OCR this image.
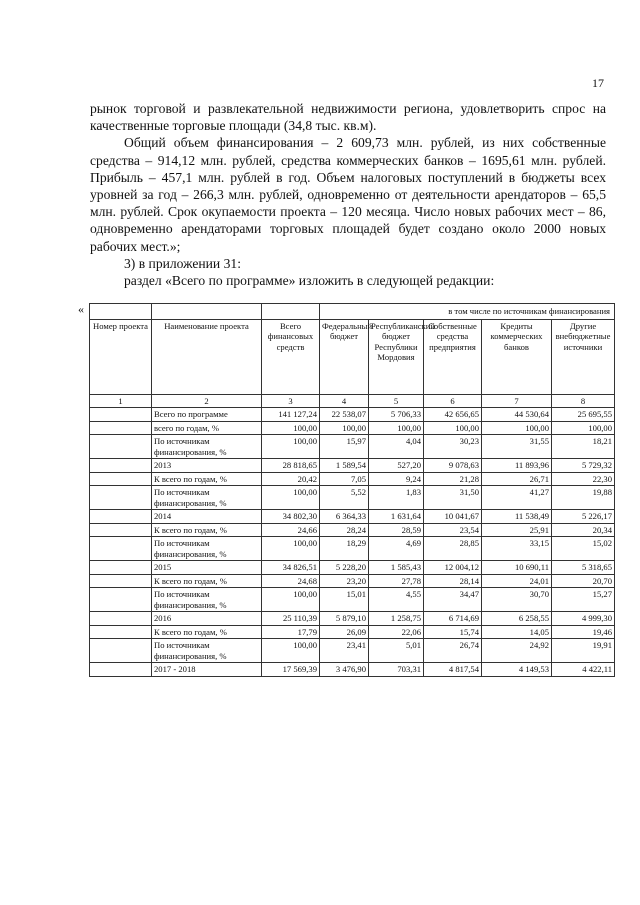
17

рынок торговой и развлекательной недвижимости региона, удовлетворить спрос на качественные торговые площади (34,8 тыс. кв.м).

Общий объем финансирования – 2 609,73 млн. рублей, из них собственные средства – 914,12 млн. рублей, средства коммерческих банков – 1695,61 млн. рублей. Прибыль – 457,1 млн. рублей в год. Объем налоговых поступлений в бюджеты всех уровней за год – 266,3 млн. рублей, одновременно от деятельности арендаторов – 65,5 млн. рублей. Срок окупаемости проекта – 120 месяца. Число новых рабочих мест – 86, одновременно арендаторами торговых площадей будет создано около 2000 новых рабочих мест.»;

3) в приложении 31:

раздел «Всего по программе» изложить в следующей редакции:

«
				в том числе по источникам финансирования				
Номер проекта	Наименование проекта	Всего финансовых средств	Федеральный бюджет	Республиканский бюджет Республики Мордовия	Собственные средства предприятия	Кредиты коммерческих банков	Другие внебюджетные источники
1	2	3	4	5	6	7	8
	Всего по программе	141 127,24	22 538,07	5 706,33	42 656,65	44 530,64	25 695,55
	всего по годам, %	100,00	100,00	100,00	100,00	100,00	100,00
	По источникам финансирования, %	100,00	15,97	4,04	30,23	31,55	18,21
	2013	28 818,65	1 589,54	527,20	9 078,63	11 893,96	5 729,32
	К всего по годам, %	20,42	7,05	9,24	21,28	26,71	22,30
	По источникам финансирования, %	100,00	5,52	1,83	31,50	41,27	19,88
	2014	34 802,30	6 364,33	1 631,64	10 041,67	11 538,49	5 226,17
	К всего по годам, %	24,66	28,24	28,59	23,54	25,91	20,34
	По источникам финансирования, %	100,00	18,29	4,69	28,85	33,15	15,02
	2015	34 826,51	5 228,20	1 585,43	12 004,12	10 690,11	5 318,65
	К всего по годам, %	24,68	23,20	27,78	28,14	24,01	20,70
	По источникам финансирования, %	100,00	15,01	4,55	34,47	30,70	15,27
	2016	25 110,39	5 879,10	1 258,75	6 714,69	6 258,55	4 999,30
	К всего по годам, %	17,79	26,09	22,06	15,74	14,05	19,46
	По источникам финансирования, %	100,00	23,41	5,01	26,74	24,92	19,91
	2017 - 2018	17 569,39	3 476,90	703,31	4 817,54	4 149,53	4 422,11
